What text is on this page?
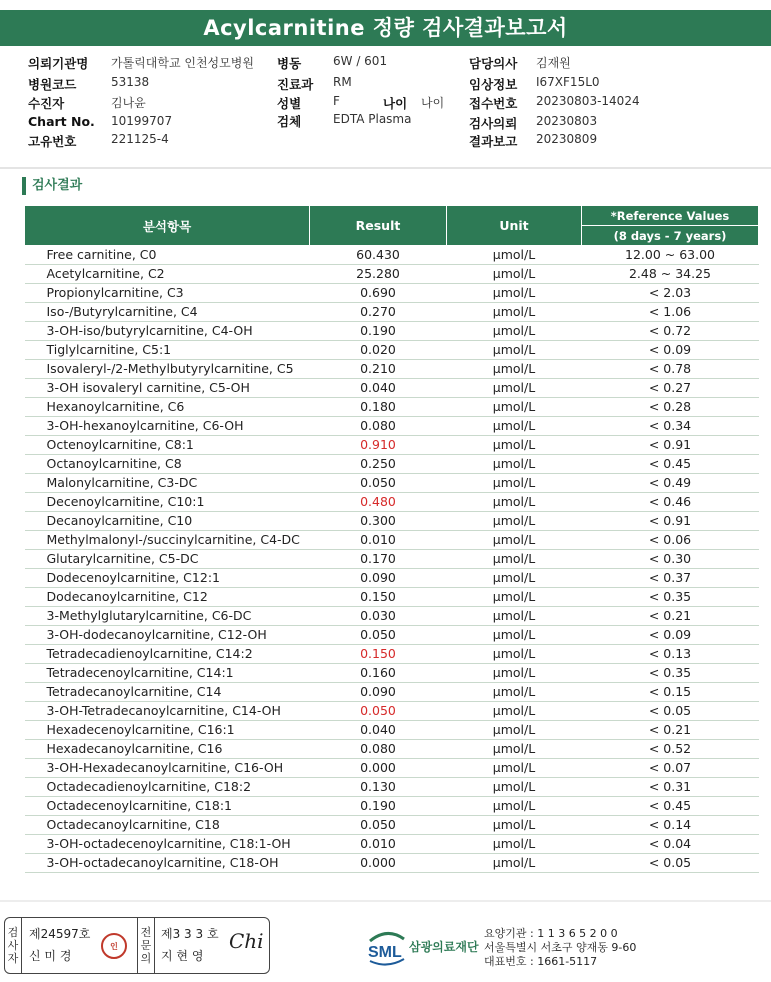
Acylcarnitine 정량 검사결과보고서
의뢰기관명 가톨릭대학교 인천성모병원
병원코드	53138
수진자	김나윤
Chart No. 10199707
고유번호	221125-4
병동	6W / 601
진료과 RM
성별	F
검체	EDTA Plasma
담당의사 김재원
임상정보 I67XF15L0
접수번호 20230803-14024
검사의뢰 20230803
결과보고 20230809
나이 나이
검사결과
분석항목	Result	Unit	*Reference Values
			(8 days - 7 years)
Free carnitine, C0	60.430	μmol/L	12.00 ~ 63.00
Acetylcarnitine, C2	25.280	μmol/L	2.48 ~ 34.25
Propionylcarnitine, C3	0.690	μmol/L	< 2.03
Iso-/Butyrylcarnitine, C4	0.270	μmol/L	< 1.06
3-OH-iso/butyrylcarnitine, C4-OH	0.190	μmol/L	< 0.72
Tiglylcarnitine, C5:1	0.020	μmol/L	< 0.09
Isovaleryl-/2-Methylbutyrylcarnitine, C5	0.210	μmol/L	< 0.78
3-OH isovaleryl carnitine, C5-OH	0.040	μmol/L	< 0.27
Hexanoylcarnitine, C6	0.180	μmol/L	< 0.28
3-OH-hexanoylcarnitine, C6-OH	0.080	μmol/L	< 0.34
Octenoylcarnitine, C8:1	0.910	μmol/L	< 0.91
Octanoylcarnitine, C8	0.250	μmol/L	< 0.45
Malonylcarnitine, C3-DC	0.050	μmol/L	< 0.49
Decenoylcarnitine, C10:1	0.480	μmol/L	< 0.46
Decanoylcarnitine, C10	0.300	μmol/L	< 0.91
Methylmalonyl-/succinylcarnitine, C4-DC	0.010	μmol/L	< 0.06
Glutarylcarnitine, C5-DC	0.170	μmol/L	< 0.30
Dodecenoylcarnitine, C12:1	0.090	μmol/L	< 0.37
Dodecanoylcarnitine, C12	0.150	μmol/L	< 0.35
3-Methylglutarylcarnitine, C6-DC	0.030	μmol/L	< 0.21
3-OH-dodecanoylcarnitine, C12-OH	0.050	μmol/L	< 0.09
Tetradecadienoylcarnitine, C14:2	0.150	μmol/L	< 0.13
Tetradecenoylcarnitine, C14:1	0.160	μmol/L	< 0.35
Tetradecanoylcarnitine, C14	0.090	μmol/L	< 0.15
3-OH-Tetradecanoylcarnitine, C14-OH	0.050	μmol/L	< 0.05
Hexadecenoylcarnitine, C16:1	0.040	μmol/L	< 0.21
Hexadecanoylcarnitine, C16	0.080	μmol/L	< 0.52
3-OH-Hexadecanoylcarnitine, C16-OH	0.000	μmol/L	< 0.07
Octadecadienoylcarnitine, C18:2	0.130	μmol/L	< 0.31
Octadecenoylcarnitine, C18:1	0.190	μmol/L	< 0.45
Octadecanoylcarnitine, C18	0.050	μmol/L	< 0.14
3-OH-octadecenoylcarnitine, C18:1-OH	0.010	μmol/L	< 0.04
3-OH-octadecanoylcarnitine, C18-OH	0.000	μmol/L	< 0.05
검사자
제24597호
신 미 경
인
전문의
제3 3 3 호
지 현 영
Chi	SML 삼광의료재단
요양기관 : 1 1 3 6 5 2 0 0
서울특별시 서초구 양재동 9-60
대표번호 : 1661-5117
